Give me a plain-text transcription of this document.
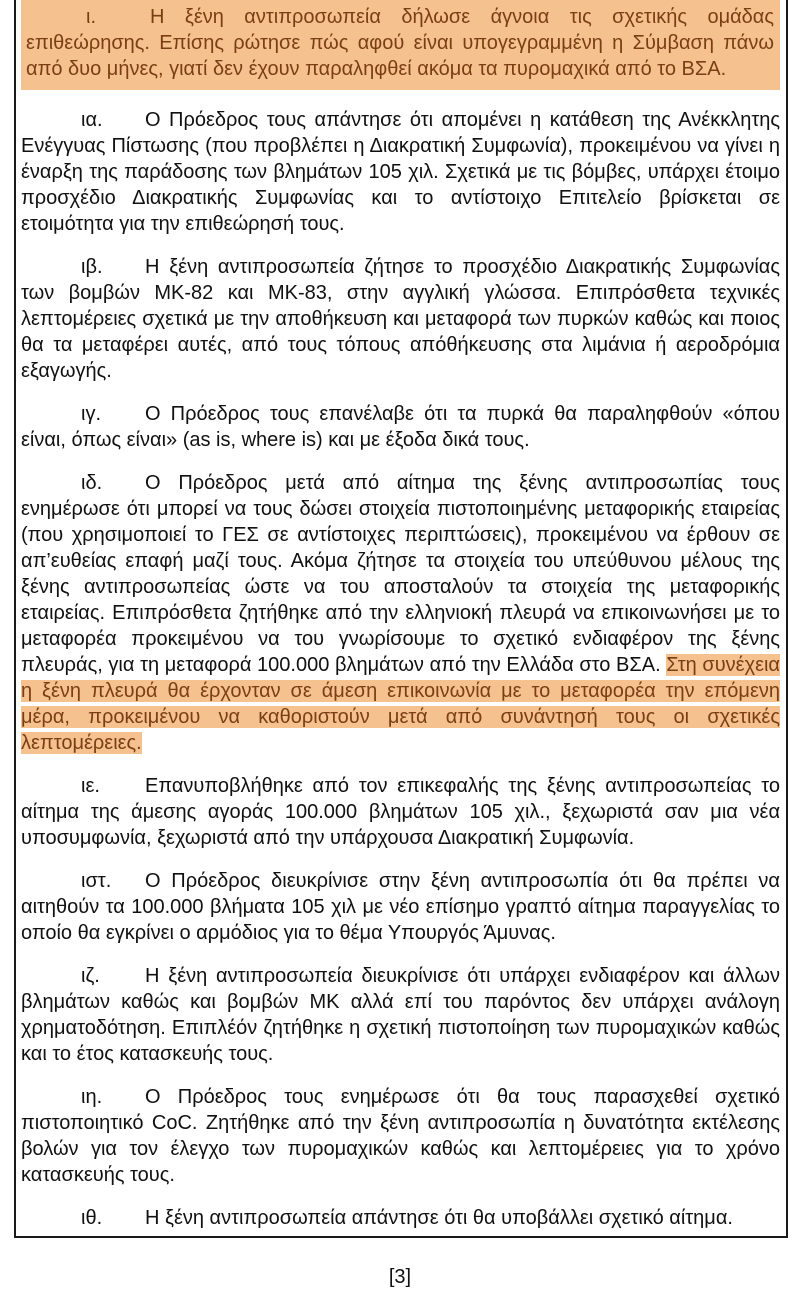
ι.	Η ξένη αντιπροσωπεία δήλωσε άγνοια τις σχετικής ομάδας επιθεώρησης. Επίσης ρώτησε πώς αφού είναι υπογεγραμμένη η Σύμβαση πάνω από δυο μήνες, γιατί δεν έχουν παραληφθεί ακόμα τα πυρομαχικά από το ΒΣΑ.

ια. Ο Πρόεδρος τους απάντησε ότι απομένει η κατάθεση της Ανέκκλητης Ενέγγυας Πίστωσης (που προβλέπει η Διακρατική Συμφωνία), προκειμένου να γίνει η έναρξη της παράδοσης των βλημάτων 105 χιλ. Σχετικά με τις βόμβες, υπάρχει έτοιμο προσχέδιο Διακρατικής Συμφωνίας και το αντίστοιχο Επιτελείο βρίσκεται σε ετοιμότητα για την επιθεώρησή τους.

ιβ. Η ξένη αντιπροσωπεία ζήτησε το προσχέδιο Διακρατικής Συμφωνίας των βομβών MK-82 και MK-83, στην αγγλική γλώσσα. Επιπρόσθετα τεχνικές λεπτομέρειες σχετικά με την αποθήκευση και μεταφορά των πυρκών καθώς και ποιος θα τα μεταφέρει αυτές, από τους τόπους απόθήκευσης στα λιμάνια ή αεροδρόμια εξαγωγής.

ιγ. Ο Πρόεδρος τους επανέλαβε ότι τα πυρκά θα παραληφθούν «όπου είναι, όπως είναι» (as is, where is) και με έξοδα δικά τους.

ιδ. Ο Πρόεδρος μετά από αίτημα της ξένης αντιπροσωπίας τους ενημέρωσε ότι μπορεί να τους δώσει στοιχεία πιστοποιημένης μεταφορικής εταιρείας (που χρησιμοποιεί το ΓΕΣ σε αντίστοιχες περιπτώσεις), προκειμένου να έρθουν σε απ’ευθείας επαφή μαζί τους. Ακόμα ζήτησε τα στοιχεία του υπεύθυνου μέλους της ξένης αντιπροσωπείας ώστε να του αποσταλούν τα στοιχεία της μεταφορικής εταιρείας. Επιπρόσθετα ζητήθηκε από την ελληνιοκή πλευρά να επικοινωνήσει με το μεταφορέα προκειμένου να του γνωρίσουμε το σχετικό ενδιαφέρον της ξένης πλευράς, για τη μεταφορά 100.000 βλημάτων από την Ελλάδα στο ΒΣΑ. Στη συνέχεια η ξένη πλευρά θα έρχονταν σε άμεση επικοινωνία με το μεταφορέα την επόμενη μέρα, προκειμένου να καθοριστούν μετά από συνάντησή τους οι σχετικές λεπτομέρειες.

ιε. Επανυποβλήθηκε από τον επικεφαλής της ξένης αντιπροσωπείας το αίτημα της άμεσης αγοράς 100.000 βλημάτων 105 χιλ., ξεχωριστά σαν μια νέα υποσυμφωνία, ξεχωριστά από την υπάρχουσα Διακρατική Συμφωνία.

ιστ. Ο Πρόεδρος διευκρίνισε στην ξένη αντιπροσωπία ότι θα πρέπει να αιτηθούν τα 100.000 βλήματα 105 χιλ με νέο επίσημο γραπτό αίτημα παραγγελίας το οποίο θα εγκρίνει ο αρμόδιος για το θέμα Υπουργός Άμυνας.

ιζ. Η ξένη αντιπροσωπεία διευκρίνισε ότι υπάρχει ενδιαφέρον και άλλων βλημάτων καθώς και βομβών MK αλλά επί του παρόντος δεν υπάρχει ανάλογη χρηματοδότηση. Επιπλέόν ζητήθηκε η σχετική πιστοποίηση των πυρομαχικών καθώς και το έτος κατασκευής τους.

ιη. Ο Πρόεδρος τους ενημέρωσε ότι θα τους παρασχεθεί σχετικό πιστοποιητικό CoC. Ζητήθηκε από την ξένη αντιπροσωπία η δυνατότητα εκτέλεσης βολών για τον έλεγχο των πυρομαχικών καθώς και λεπτομέρειες για το χρόνο κατασκευής τους.

ιθ. Η ξένη αντιπροσωπεία απάντησε ότι θα υποβάλλει σχετικό αίτημα.

[3]
